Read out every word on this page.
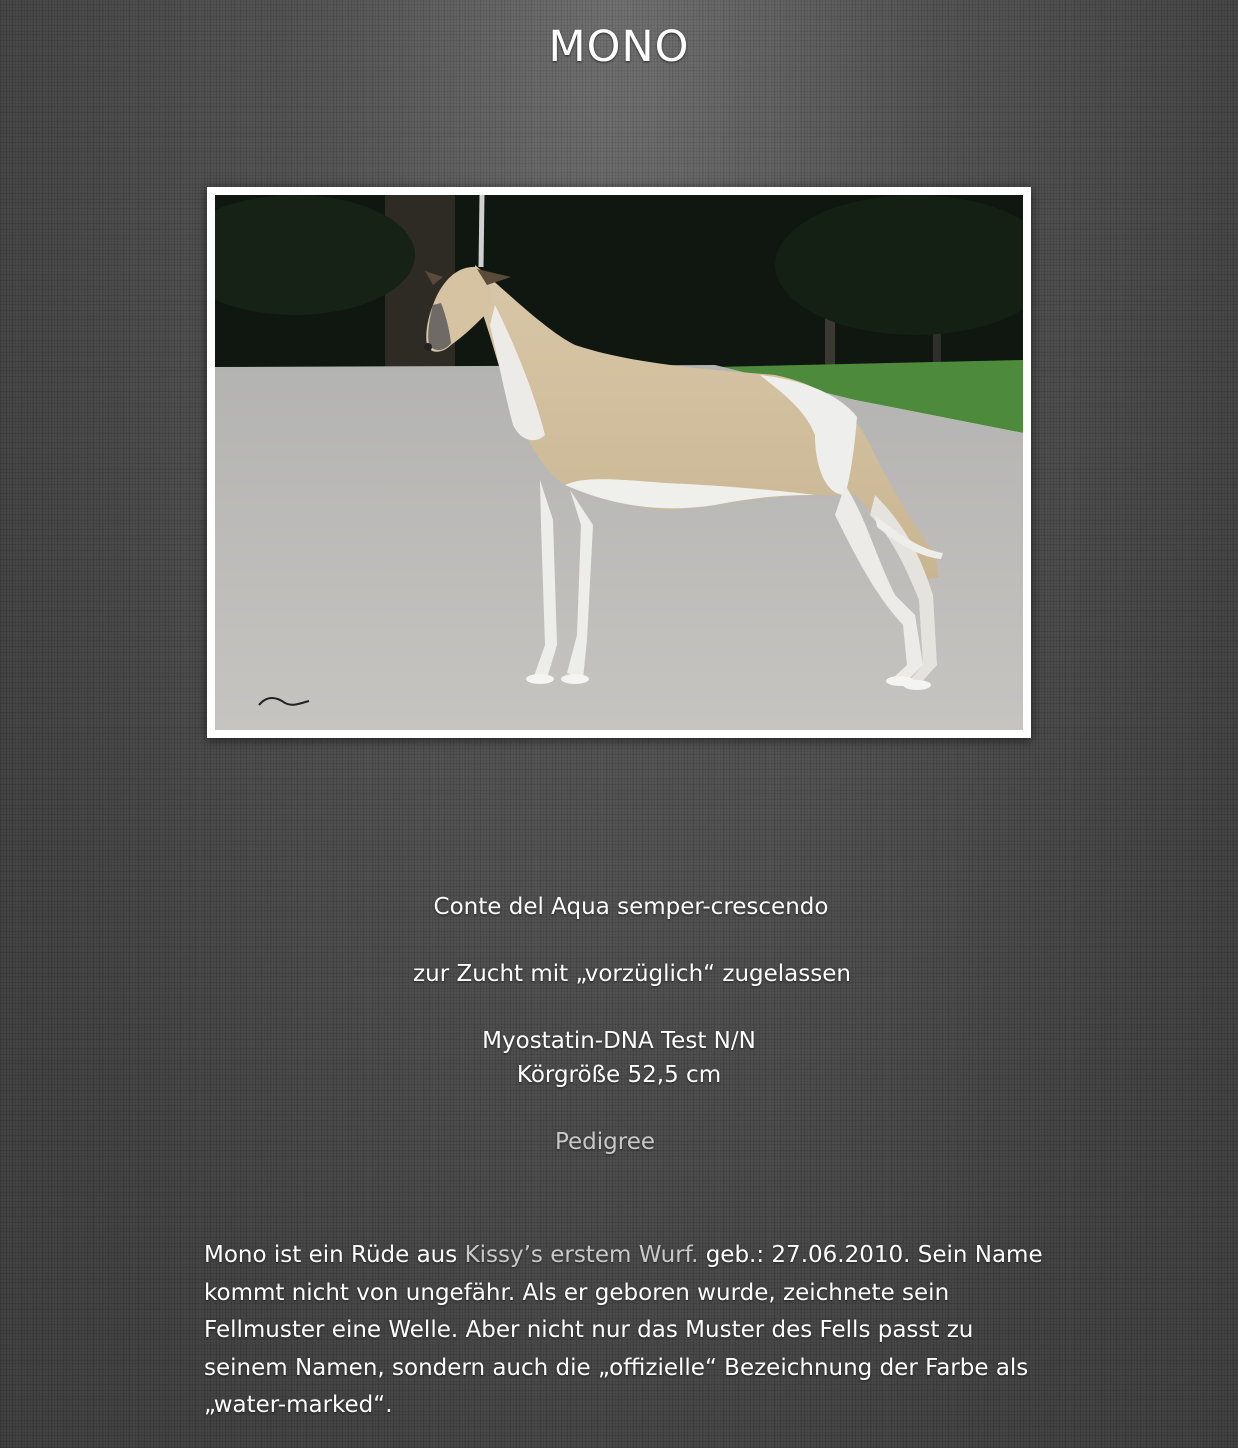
MONO

Conte del Aqua semper-crescendo

zur Zucht mit „vorzüglich“ zugelassen

Myostatin-DNA Test N/N

Körgröße 52,5 cm

Pedigree

Mono ist ein Rüde aus Kissy’s erstem Wurf. geb.: 27.06.2010. Sein Name kommt nicht von ungefähr. Als er geboren wurde, zeichnete sein Fellmuster eine Welle. Aber nicht nur das Muster des Fells passt zu seinem Namen, sondern auch die „offizielle“ Bezeichnung der Farbe als „water-marked“.
